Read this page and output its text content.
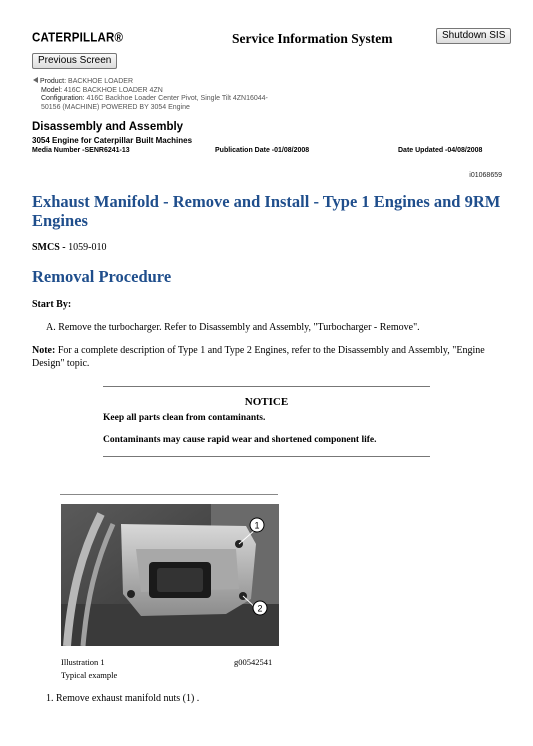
CATERPILLAR®	Service Information System	Shutdown SIS
Previous Screen
Product: BACKHOE LOADER
Model: 416C BACKHOE LOADER 4ZN
Configuration: 416C Backhoe Loader Center Pivot, Single Tilt 4ZN16044-
50156 (MACHINE) POWERED BY 3054 Engine
Disassembly and Assembly
3054 Engine for Caterpillar Built Machines
Media Number -SENR6241-13	Publication Date -01/08/2008	Date Updated -04/08/2008
i01068659
Exhaust Manifold - Remove and Install - Type 1 Engines and 9RM Engines
SMCS - 1059-010
Removal Procedure
Start By:
A. Remove the turbocharger. Refer to Disassembly and Assembly, "Turbocharger - Remove".
Note: For a complete description of Type 1 and Type 2 Engines, refer to the Disassembly and Assembly, "Engine Design" topic.
NOTICE
Keep all parts clean from contaminants.
Contaminants may cause rapid wear and shortened component life.
1
2
Illustration 1	g00542541
Typical example
1. Remove exhaust manifold nuts (1) .
